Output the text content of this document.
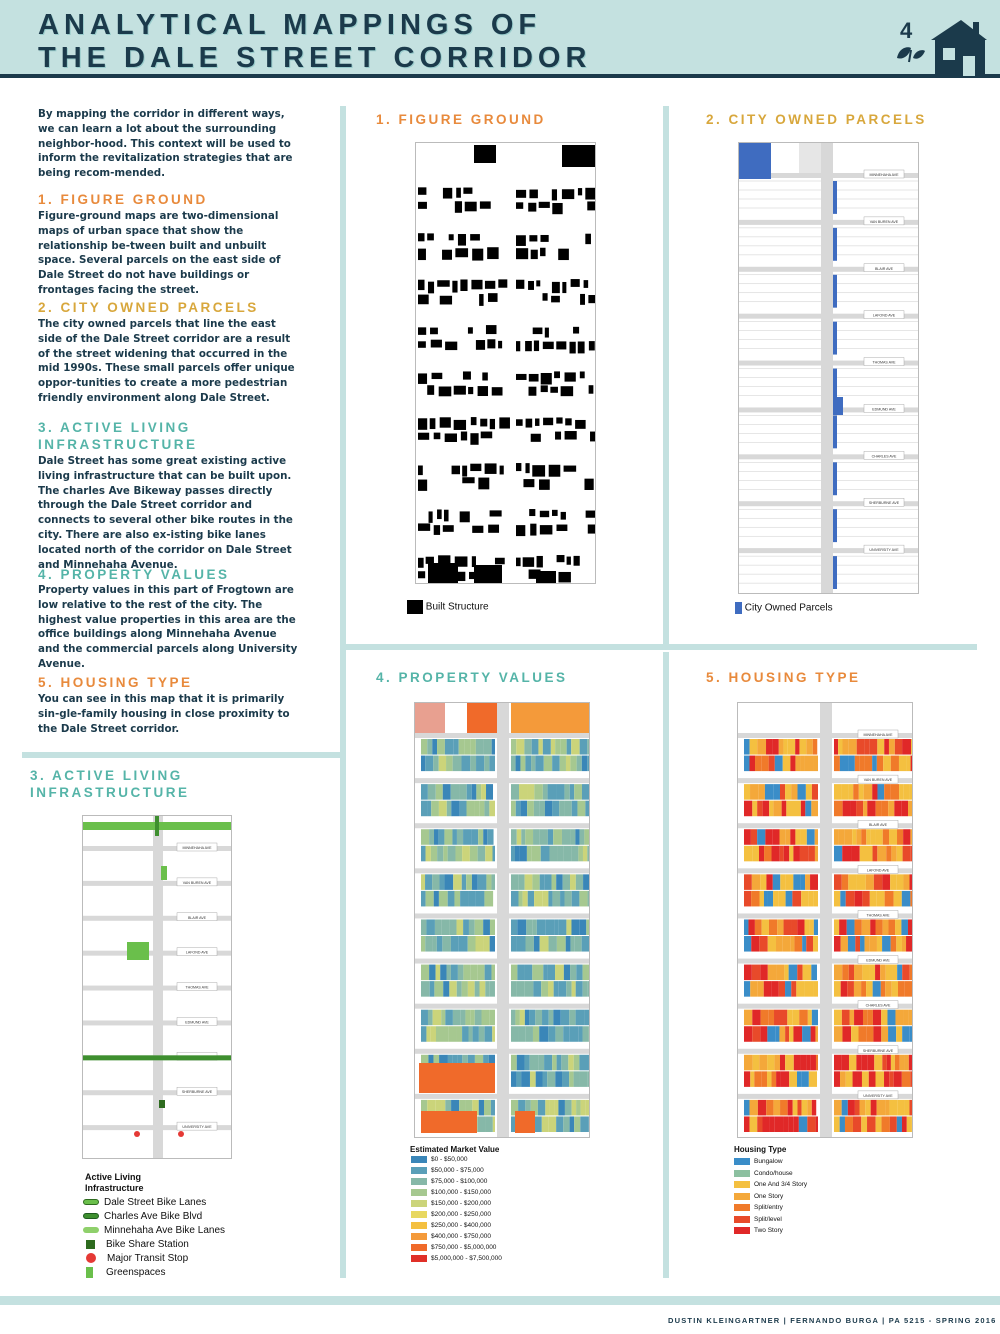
ANALYTICAL MAPPINGS OF
THE DALE STREET CORRIDOR
4
By mapping the corridor in different ways, we can learn a lot about the surrounding neighbor-hood. This context will be used to inform the revitalization strategies that are being recom-mended.
1. FIGURE GROUND
Figure-ground maps are two-dimensional maps of urban space that show the relationship be-tween built and unbuilt space. Several parcels on the east side of Dale Street do not have buildings or frontages facing the street.
2. CITY OWNED PARCELS
The city owned parcels that line the east side of the Dale Street corridor are a result of the street widening that occurred in the mid 1990s. These small parcels offer unique oppor-tunities to create a more pedestrian friendly environment along Dale Street.
3. ACTIVE LIVING
INFRASTRUCTURE
Dale Street has some great existing active living infrastructure that can be built upon. The charles Ave Bikeway passes directly through the Dale Street corridor and connects to several other bike routes in the city. There are also ex-isting bike lanes located north of the corridor on Dale Street and Minnehaha Avenue.
4. PROPERTY VALUES
Property values in this part of Frogtown are low relative to the rest of the city. The highest value properties in this area are the office buildings along Minnehaha Avenue and the commercial parcels along University Avenue.
5. HOUSING TYPE
You can see in this map that it is primarily sin-gle-family housing in close proximity to the Dale Street corridor.
1. FIGURE GROUND
Built Structure
2. CITY OWNED PARCELS
MINNEHAHA AVE
VAN BUREN AVE
BLAIR AVE
LAFOND AVE
THOMAS AVE
EDMUND AVE
CHARLES AVE
SHERBURNE AVE
UNIVERSITY AVE
City Owned Parcels
3. ACTIVE LIVING
INFRASTRUCTURE
MINNEHAHA AVE
VAN BUREN AVE
BLAIR AVE
LAFOND AVE
THOMAS AVE
EDMUND AVE
SHERBURNE AVE
UNIVERSITY AVE
Active Living
Infrastructure
Dale Street Bike Lanes
Charles Ave Bike Blvd
Minnehaha Ave Bike Lanes
Bike Share Station
Major Transit Stop
Greenspaces
4. PROPERTY VALUES
Estimated Market Value
$0 - $50,000
$50,000 - $75,000
$75,000 - $100,000
$100,000 - $150,000
$150,000 - $200,000
$200,000 - $250,000
$250,000 - $400,000
$400,000 - $750,000
$750,000 - $5,000,000
$5,000,000 - $7,500,000
5. HOUSING TYPE
MINNEHAHA AVE
VAN BUREN AVE
BLAIR AVE
LAFOND AVE
THOMAS AVE
EDMUND AVE
CHARLES AVE
SHERBURNE AVE
UNIVERSITY AVE
Housing Type
Bungalow
Condo/house
One And 3/4 Story
One Story
Split/entry
Split/level
Two Story
DUSTIN KLEINGARTNER | FERNANDO BURGA | PA 5215 - SPRING 2016
